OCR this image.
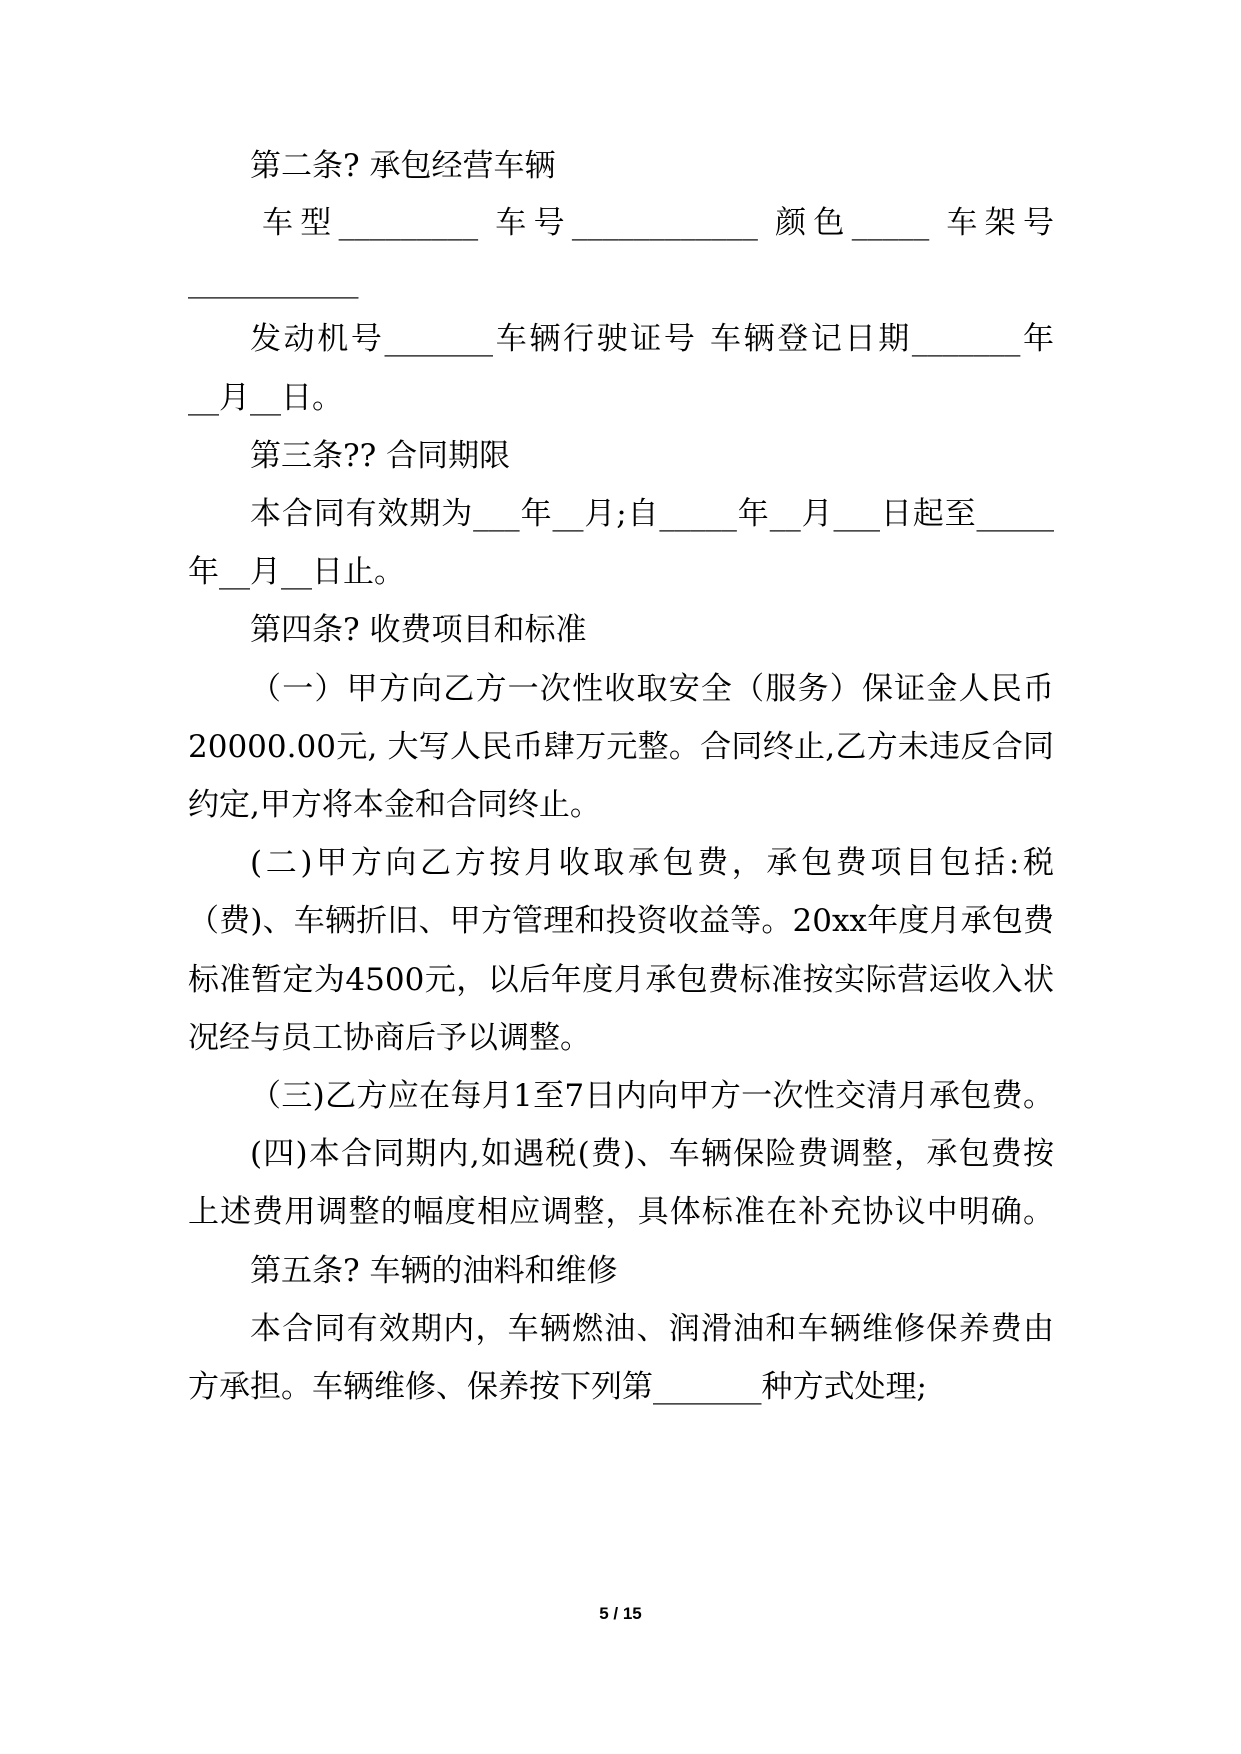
第二条? 承包经营车辆
车型_________ 车号____________ 颜色_____ 车架号
___________
发动机号_______车辆行驶证号 车辆登记日期_______年
__月__日。
第三条?? 合同期限
本合同有效期为___年__月;自_____年__月___日起至_____
年__月__日止。
第四条? 收费项目和标准
（一）甲方向乙方一次性收取安全（服务）保证金人民币
20000.00元, 大写人民币肆万元整。合同终止,乙方未违反合同
约定,甲方将本金和合同终止。
(二)甲方向乙方按月收取承包费，承包费项目包括:税
（费)、车辆折旧、甲方管理和投资收益等。20xx年度月承包费
标准暂定为4500元，以后年度月承包费标准按实际营运收入状
况经与员工协商后予以调整。
（三)乙方应在每月1至7日内向甲方一次性交清月承包费。
(四)本合同期内,如遇税(费)、车辆保险费调整，承包费按
上述费用调整的幅度相应调整，具体标准在补充协议中明确。
第五条? 车辆的油料和维修
本合同有效期内，车辆燃油、润滑油和车辆维修保养费由
方承担。车辆维修、保养按下列第_______种方式处理;
5 / 15
